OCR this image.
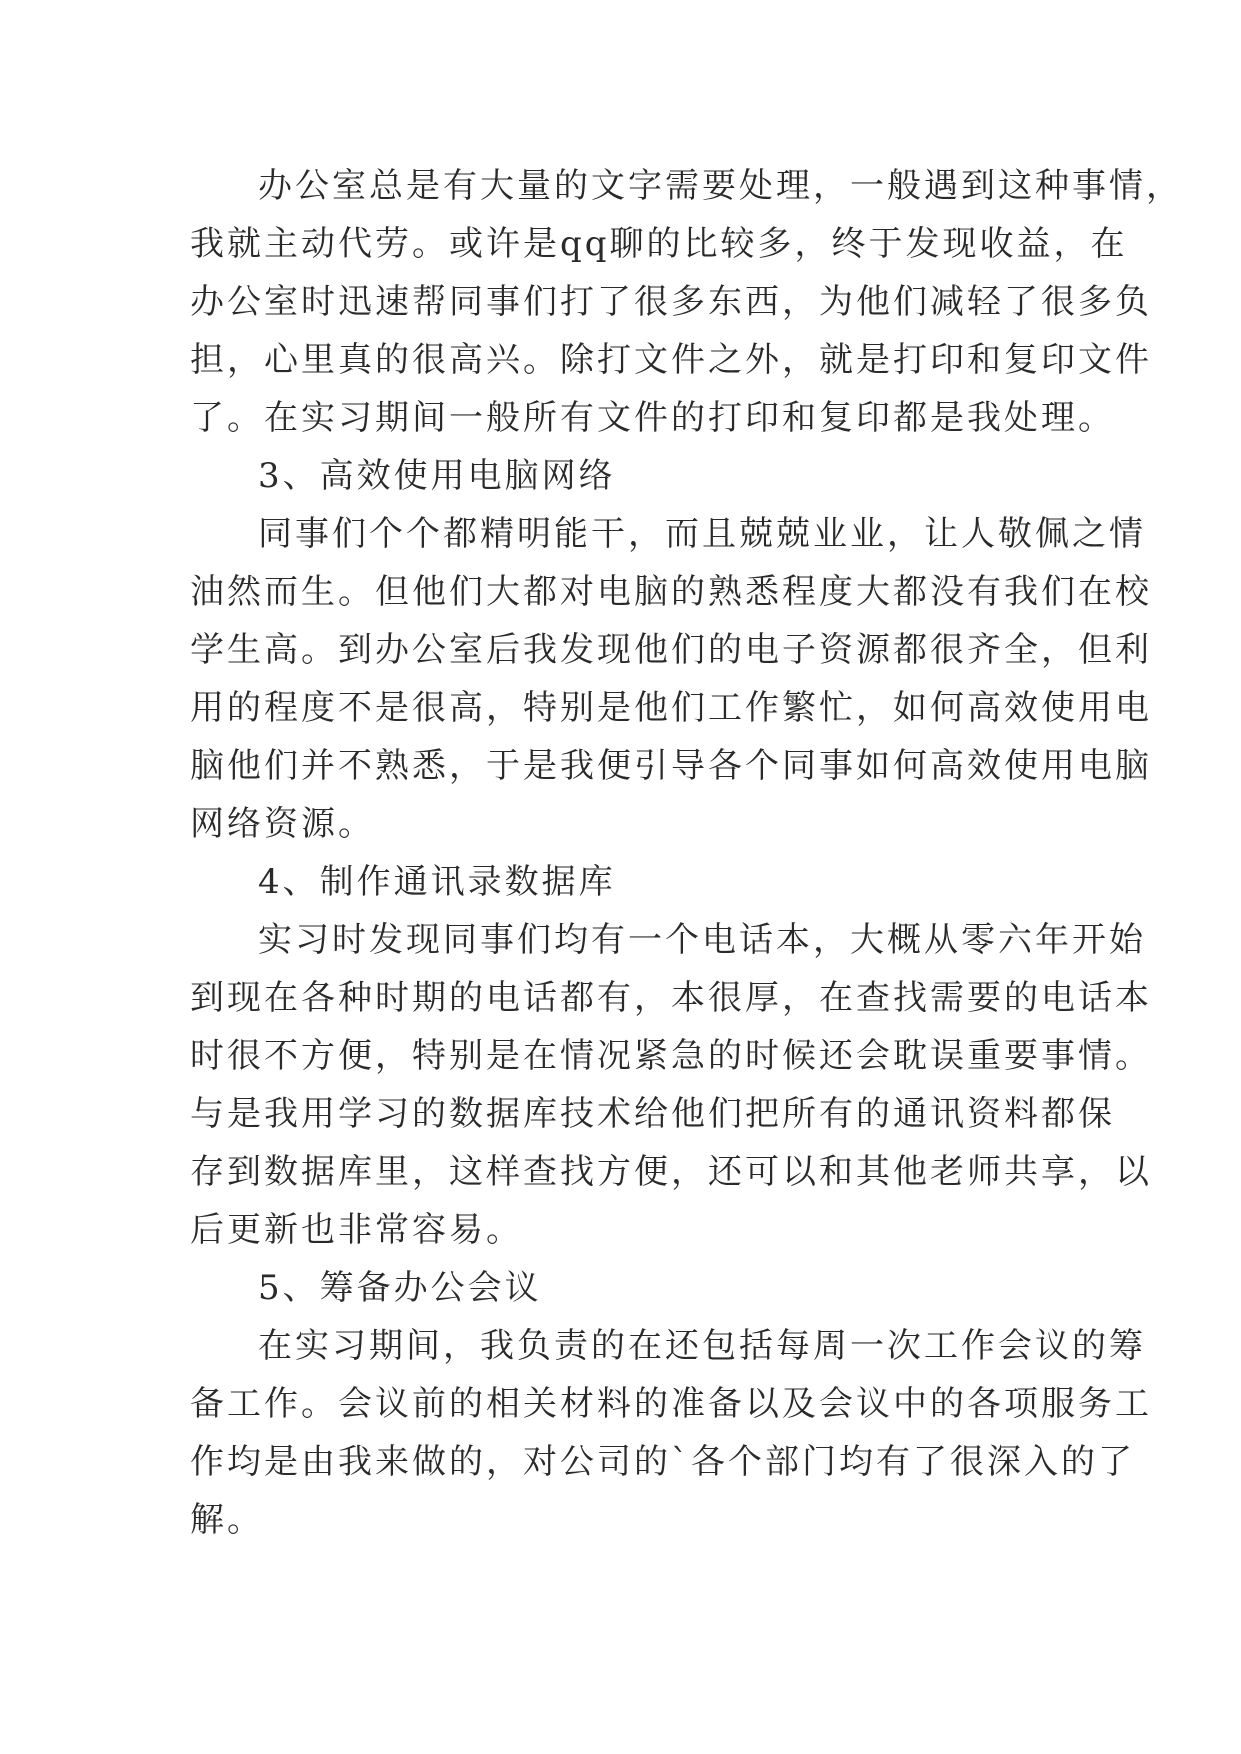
办公室总是有大量的文字需要处理，一般遇到这种事情，
我就主动代劳。或许是qq聊的比较多，终于发现收益，在
办公室时迅速帮同事们打了很多东西，为他们减轻了很多负
担，心里真的很高兴。除打文件之外，就是打印和复印文件
了。在实习期间一般所有文件的打印和复印都是我处理。
3、高效使用电脑网络
同事们个个都精明能干，而且兢兢业业，让人敬佩之情
油然而生。但他们大都对电脑的熟悉程度大都没有我们在校
学生高。到办公室后我发现他们的电子资源都很齐全，但利
用的程度不是很高，特别是他们工作繁忙，如何高效使用电
脑他们并不熟悉，于是我便引导各个同事如何高效使用电脑
网络资源。
4、制作通讯录数据库
实习时发现同事们均有一个电话本，大概从零六年开始
到现在各种时期的电话都有，本很厚，在查找需要的电话本
时很不方便，特别是在情况紧急的时候还会耽误重要事情。
与是我用学习的数据库技术给他们把所有的通讯资料都保
存到数据库里，这样查找方便，还可以和其他老师共享，以
后更新也非常容易。
5、筹备办公会议
在实习期间，我负责的在还包括每周一次工作会议的筹
备工作。会议前的相关材料的准备以及会议中的各项服务工
作均是由我来做的，对公司的`各个部门均有了很深入的了
解。
